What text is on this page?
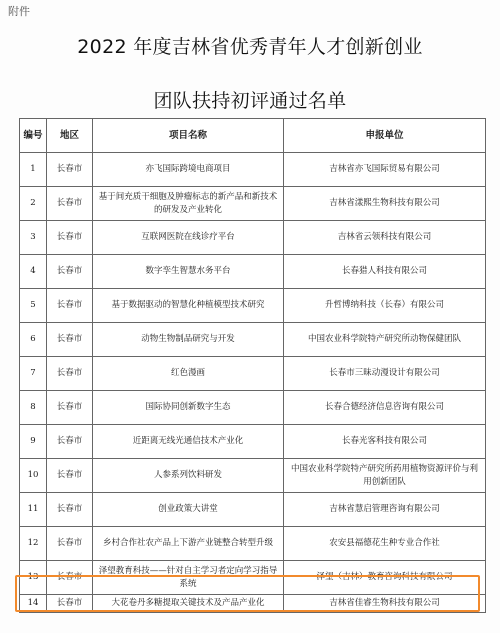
附件
2022 年度吉林省优秀青年人才创新创业
团队扶持初评通过名单
编号	地区	项目名称	申报单位
1	长春市	亦飞国际跨境电商项目	吉林省亦飞国际贸易有限公司
2	长春市	基于间充质干细胞及肿瘤标志的新产品和新技术的研发及产业转化	吉林省漾熙生物科技有限公司
3	长春市	互联网医院在线诊疗平台	吉林省云领科技有限公司
4	长春市	数字孪生智慧水务平台	长春猎人科技有限公司
5	长春市	基于数据驱动的智慧化种植模型技术研究	升哲博纳科技（长春）有限公司
6	长春市	动物生物制品研究与开发	中国农业科学院特产研究所动物保健团队
7	长春市	红色漫画	长春市三昧动漫设计有限公司
8	长春市	国际协同创新数字生态	长春合德经济信息咨询有限公司
9	长春市	近距离无线光通信技术产业化	长春光客科技有限公司
10	长春市	人参系列饮料研发	中国农业科学院特产研究所药用植物资源评价与利用创新团队
11	长春市	创业政策大讲堂	吉林省慧启管理咨询有限公司
12	长春市	乡村合作社农产品上下游产业链整合转型升级	农安县福德花生种专业合作社
13	长春市	泽望教育科技——针对自主学习者定向学习指导系统	泽望（吉林）教育咨询科技有限公司
14	长春市	大花卷丹多糖提取关键技术及产品产业化	吉林省佳睿生物科技有限公司
